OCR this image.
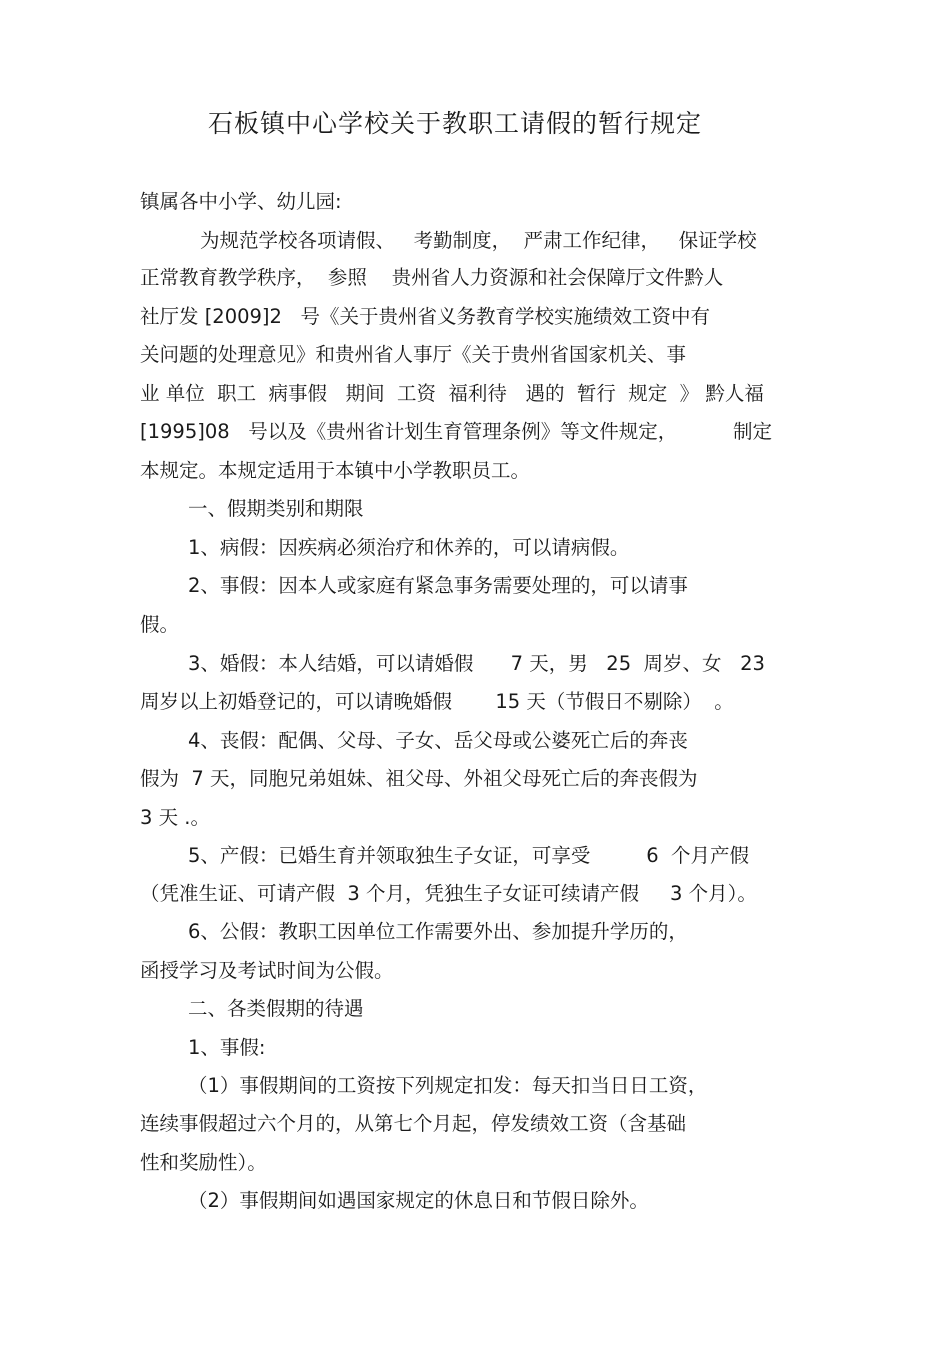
石板镇中心学校关于教职工请假的暂行规定
镇属各中小学、幼儿园:
为规范学校各项请假、   考勤制度，  严肃工作纪律，   保证学校
正常教育教学秩序，  参照    贵州省人力资源和社会保障厅文件黔人
社厅发 [2009]2   号《关于贵州省义务教育学校实施绩效工资中有
关问题的处理意见》和贵州省人事厅《关于贵州省国家机关、事
业 单位  职工  病事假   期间  工资  福利待   遇的  暂行  规定  》 黔人福
[1995]08   号以及《贵州省计划生育管理条例》等文件规定，         制定
本规定。本规定适用于本镇中小学教职员工。
一、假期类别和期限
1、病假：因疾病必须治疗和休养的，可以请病假。
2、事假：因本人或家庭有紧急事务需要处理的，可以请事
假。
3、婚假：本人结婚，可以请婚假      7 天，男   25  周岁、女   23
周岁以上初婚登记的，可以请晚婚假       15 天（节假日不剔除）  。
4、丧假：配偶、父母、子女、岳父母或公婆死亡后的奔丧
假为  7 天，同胞兄弟姐妹、祖父母、外祖父母死亡后的奔丧假为
3 天 .。
5、产假：已婚生育并领取独生子女证，可享受         6  个月产假
（凭准生证、可请产假  3 个月，凭独生子女证可续请产假     3 个月）。
6、公假：教职工因单位工作需要外出、参加提升学历的，
函授学习及考试时间为公假。
二、各类假期的待遇
1、事假:
（1）事假期间的工资按下列规定扣发：每天扣当日日工资，
连续事假超过六个月的，从第七个月起，停发绩效工资（含基础
性和奖励性）。
（2）事假期间如遇国家规定的休息日和节假日除外。
